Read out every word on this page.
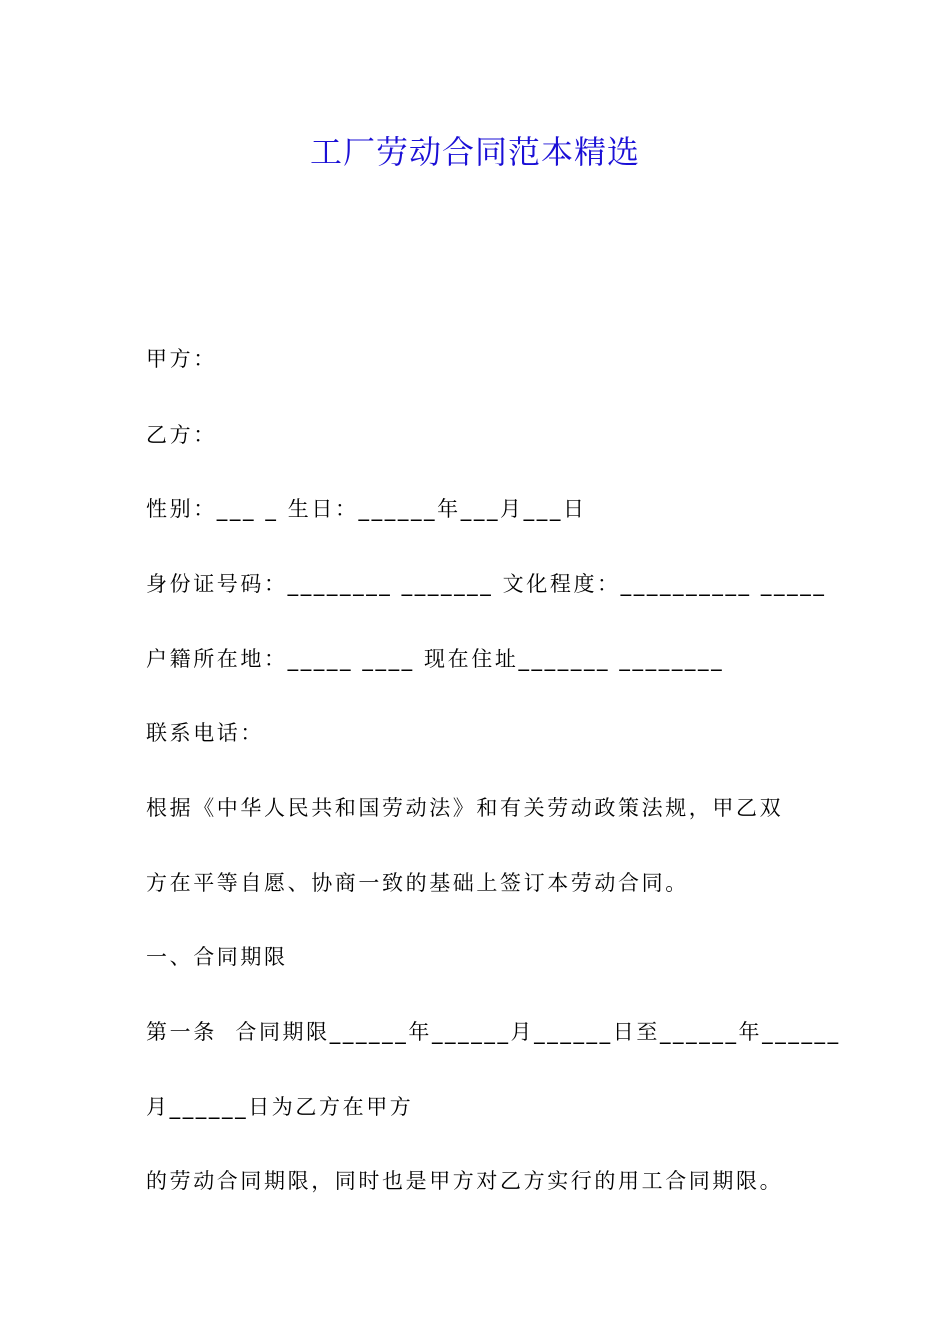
工厂劳动合同范本精选
甲方：
乙方：
性别：___ _ 生日：______年___月___日
身份证号码：________ _______ 文化程度：__________ _____
户籍所在地：_____ ____ 现在住址_______ ________
联系电话：
根据《中华人民共和国劳动法》和有关劳动政策法规，甲乙双
方在平等自愿、协商一致的基础上签订本劳动合同。
一、合同期限
第一条  合同期限______年______月______日至______年______
月______日为乙方在甲方
的劳动合同期限，同时也是甲方对乙方实行的用工合同期限。
